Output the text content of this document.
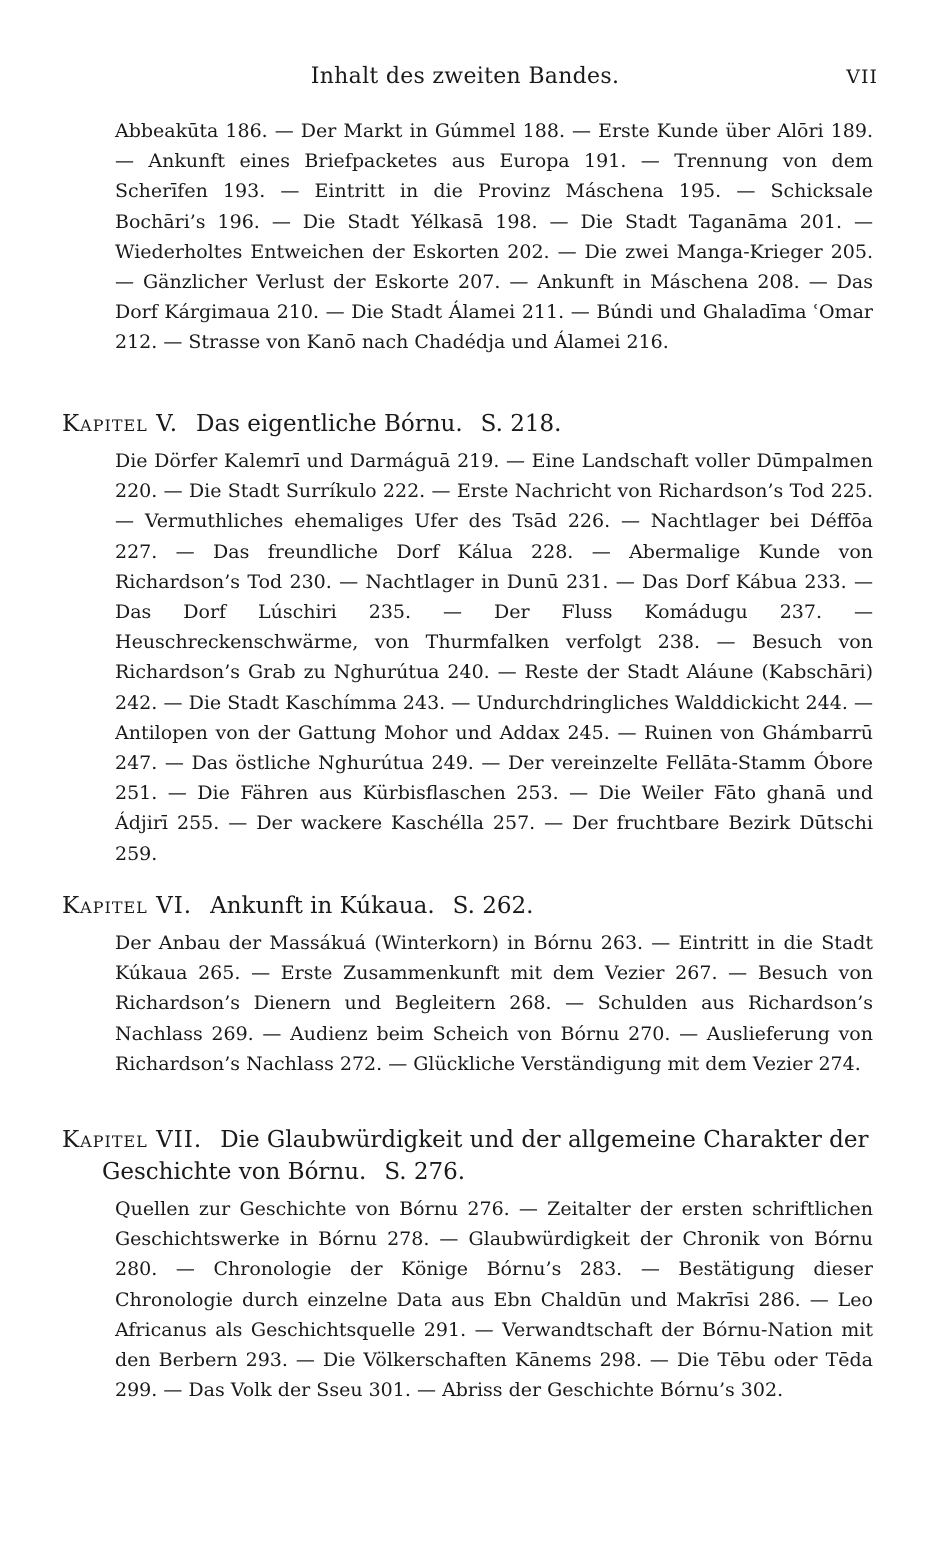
Inhalt des zweiten Bandes.	VII

Abbeakūta 186. — Der Markt in Gúmmel 188. — Erste Kunde über Alōri 189. — Ankunft eines Briefpacketes aus Europa 191. — Trennung von dem Scherīfen 193. — Eintritt in die Provinz Máschena 195. — Schicksale Bochāri’s 196. — Die Stadt Yélkasā 198. — Die Stadt Taganāma 201. — Wiederholtes Entweichen der Eskorten 202. — Die zwei Manga-Krieger 205. — Gänzlicher Verlust der Eskorte 207. — Ankunft in Máschena 208. — Das Dorf Kárgimaua 210. — Die Stadt Álamei 211. — Búndi und Ghaladīma ʿOmar 212. — Strasse von Kanō nach Chadédja und Álamei 216.

Kapitel V. Das eigentliche Bórnu. S. 218.

Die Dörfer Kalemrī und Darmáguā 219. — Eine Landschaft voller Dūmpalmen 220. — Die Stadt Surríkulo 222. — Erste Nachricht von Richardson’s Tod 225. — Vermuthliches ehemaliges Ufer des Tsād 226. — Nachtlager bei Déffōa 227. — Das freundliche Dorf Kálua 228. — Abermalige Kunde von Richardson’s Tod 230. — Nachtlager in Dunū 231. — Das Dorf Kábua 233. — Das Dorf Lúschiri 235. — Der Fluss Komádugu 237. — Heuschreckenschwärme, von Thurmfalken verfolgt 238. — Besuch von Richardson’s Grab zu Nghurútua 240. — Reste der Stadt Aláune (Kabschāri) 242. — Die Stadt Kaschímma 243. — Undurchdringliches Walddickicht 244. — Antilopen von der Gattung Mohor und Addax 245. — Ruinen von Ghámbarrū 247. — Das östliche Nghurútua 249. — Der vereinzelte Fellāta-Stamm Óbore 251. — Die Fähren aus Kürbisflaschen 253. — Die Weiler Fāto ghanā und Ádjirī 255. — Der wackere Kaschélla 257. — Der fruchtbare Bezirk Dūtschi 259.

Kapitel VI. Ankunft in Kúkaua. S. 262.

Der Anbau der Massákuá (Winterkorn) in Bórnu 263. — Eintritt in die Stadt Kúkaua 265. — Erste Zusammenkunft mit dem Vezier 267. — Besuch von Richardson’s Dienern und Begleitern 268. — Schulden aus Richardson’s Nachlass 269. — Audienz beim Scheich von Bórnu 270. — Auslieferung von Richardson’s Nachlass 272. — Glückliche Verständigung mit dem Vezier 274.

Kapitel VII. Die Glaubwürdigkeit und der allgemeine Charakter der Geschichte von Bórnu. S. 276.

Quellen zur Geschichte von Bórnu 276. — Zeitalter der ersten schriftlichen Geschichtswerke in Bórnu 278. — Glaubwürdigkeit der Chronik von Bórnu 280. — Chronologie der Könige Bórnu’s 283. — Bestätigung dieser Chronologie durch einzelne Data aus Ebn Chaldūn und Makrīsi 286. — Leo Africanus als Geschichtsquelle 291. — Verwandtschaft der Bórnu-Nation mit den Berbern 293. — Die Völkerschaften Kānems 298. — Die Tēbu oder Tēda 299. — Das Volk der Sseu 301. — Abriss der Geschichte Bórnu’s 302.
